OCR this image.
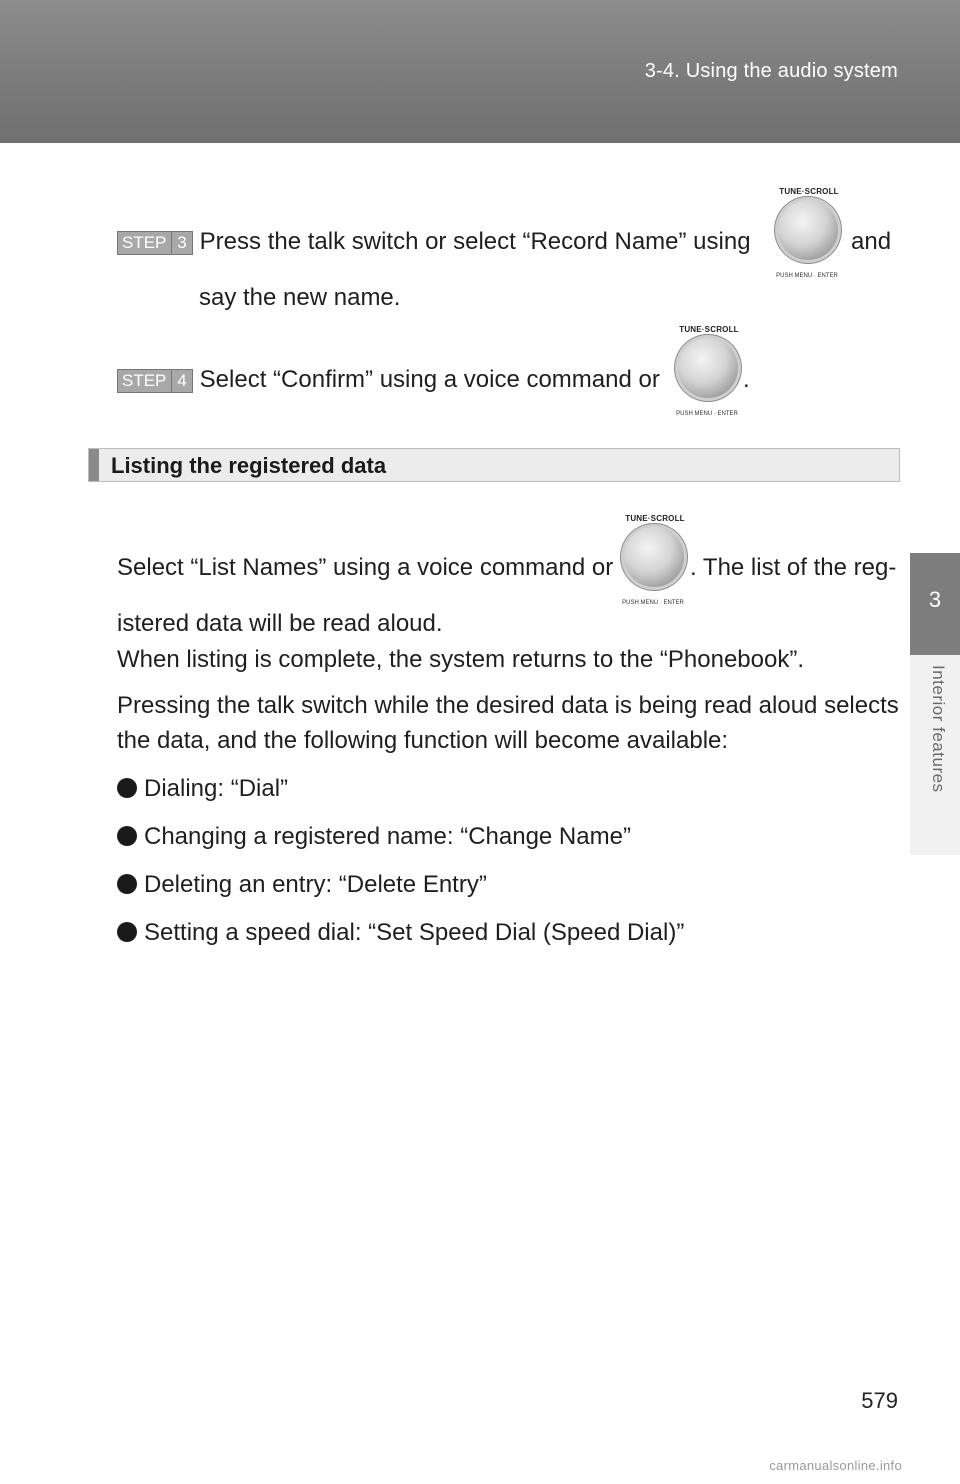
3-4. Using the audio system
3
Interior features
STEP 3 Press the talk switch or select “Record Name” using
TUNE·SCROLL
PUSH MENU · ENTER
and
say the new name.
STEP 4 Select “Confirm” using a voice command or
TUNE·SCROLL
PUSH MENU · ENTER
.
Listing the registered data
Select “List Names” using a voice command or
TUNE·SCROLL
PUSH MENU · ENTER
. The list of the reg-
istered data will be read aloud.
When listing is complete, the system returns to the “Phonebook”.
Pressing the talk switch while the desired data is being read aloud selects
the data, and the following function will become available:
Dialing: “Dial”
Changing a registered name: “Change Name”
Deleting an entry: “Delete Entry”
Setting a speed dial: “Set Speed Dial (Speed Dial)”
579
carmanualsonline.info
